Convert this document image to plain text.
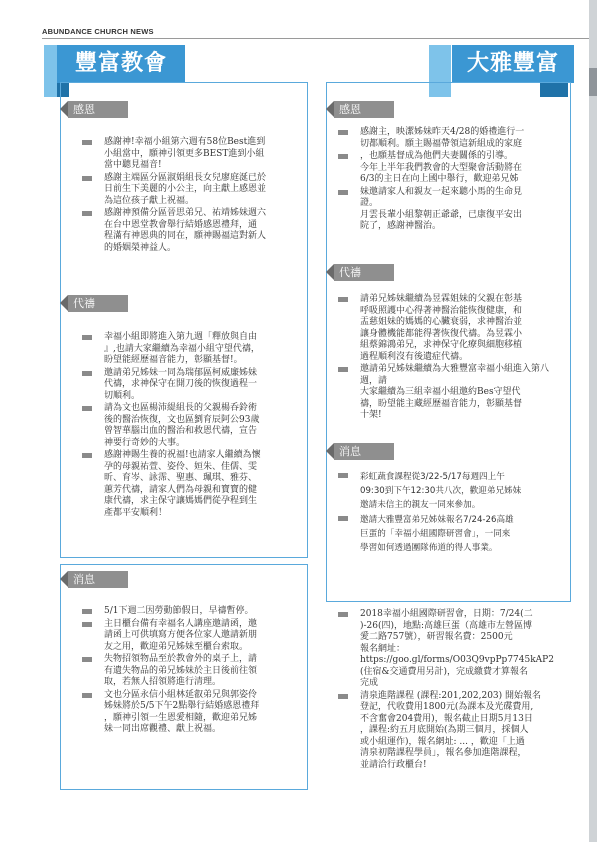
ABUNDANCE CHURCH NEWS
豐富教會	大雅豐富
感恩
感謝神!幸福小組第六週有58位Best進到
小組當中，願神引領更多BEST進到小組
當中聽見福音!
感謝主端區分區淑娟組長女兒廖庭涎已於
日前生下美麗的小公主，向主獻上感恩並
為這位孩子獻上祝福。
感謝神預備分區晉思弟兄、祐靖姊妹週六
在台中恩堂教會舉行結婚感恩禮拜，通
程滿有神恩典的同在，願神賜福這對新人
的婚姻榮神益人。
代禱
幸福小組即將進入第九週「釋放與自由
』,也請大家繼續為幸福小組守望代禱，
盼望能經歷福音能力，彰顯基督!。
邀請弟兄姊妹一同為瑞郁區柯威廉姊妹
代禱，求神保守在開刀後的恢復過程一
切順利。
請為文也區楊沛緹組長的父親楊呑鈴術
後的醫治恢復，文也區劉育辰阿公93歲
曾智華腦出血的醫治和救恩代禱，宣告
神要行奇妙的大事。
感謝神賜生養的祝福!也請家人繼續為懷
孕的母親祐萱、姿伶、姮朱、佳儒、雯
昕、育岑、詠霈、聖惠、珮琪、雅芬、
蕙芳代禱，請家人們為母親和寶寶的健
康代禱，求主保守讓媽媽們從孕程到生
產都平安順利！
消息
5/1下週二因勞動節假日，早禱暫停。
主日櫃台備有幸福名人講座邀請函，邀
請函上可供填寫方便各位家人邀請新朋
友之用，歡迎弟兄姊妹至櫃台索取。
失物招領物品至於教會外的桌子上，請
有遺失物品的弟兄姊妹於主日後前往領
取，若無人招領將進行清理。
文也分區永信小組林延叡弟兄與郭姿伶
姊妹將於5/5下午2點舉行結婚感恩禮拜
，願神引領一生恩愛相隨，歡迎弟兄姊
妹一同出席觀禮、獻上祝福。
感恩
感謝主，映潔姊妹昨天4/28的婚禮進行一
切都順利。願主賜福帶領這新組成的家庭
，也願基督成為他們夫妻關係的引導。
今年上半年我們教會的大型聚會活動將在
6/3的主日在向上國中舉行，歡迎弟兄姊
妹邀請家人和親友一起來聽小馬的生命見
證。
月雲長輩小組黎朝正爺爺，已康復平安出
院了，感謝神醫治。
代禱
請弟兄姊妹繼續為昱霖姐妹的父親在彰基
呼吸照護中心得著神醫治能恢復健康，和
盂慈姐妹的媽媽的心臟衰弱，求神醫治並
讓身體機能都能得著恢復代禱。為昱霖小
組蔡錦鴻弟兄，求神保守化療與細胞移植
過程順利沒有後遺症代禱。
邀請弟兄姊妹繼續為大雅豐富幸福小組進入第八週，請
大家繼續為三組幸福小組邀約Bes守望代
禱，盼望能主藏經歷福音能力，彰顯基督
十架!
消息
彩虹蔬食課程從3/22-5/17每週四上午
09:30到下午12:30共八次，歡迎弟兄姊妹
邀請未信主的親友一同來參加。
邀請大雅豐富弟兄姊妹報名7/24-26高雄
巨蛋的「幸福小組國際研習會」，一同來
學習如何透過團隊佈道的得人事業。
2018幸福小組國際研習會，日期：7/24(二
)-26(四)，地點:高雄巨蛋（高雄市左營區博
愛二路757號），研習報名費：2500元
報名網址：
https://goo.gl/forms/O03Q9vpPp7745kAP2
(住宿&交通費用另計)，完成繳費才算報名
完成
清泉進階課程 (課程:201,202,203) 開始報名
登記，代收費用1800元(為課本及光碟費用,
不含奮會204費用)，報名截止日期5月13日
，課程:約五月底開始(為期三個月，採個人
或小組運作)，報名網址: ... ，歡迎「上過
清泉初階課程學員」，報名參加進階課程，
並請洽行政櫃台!
